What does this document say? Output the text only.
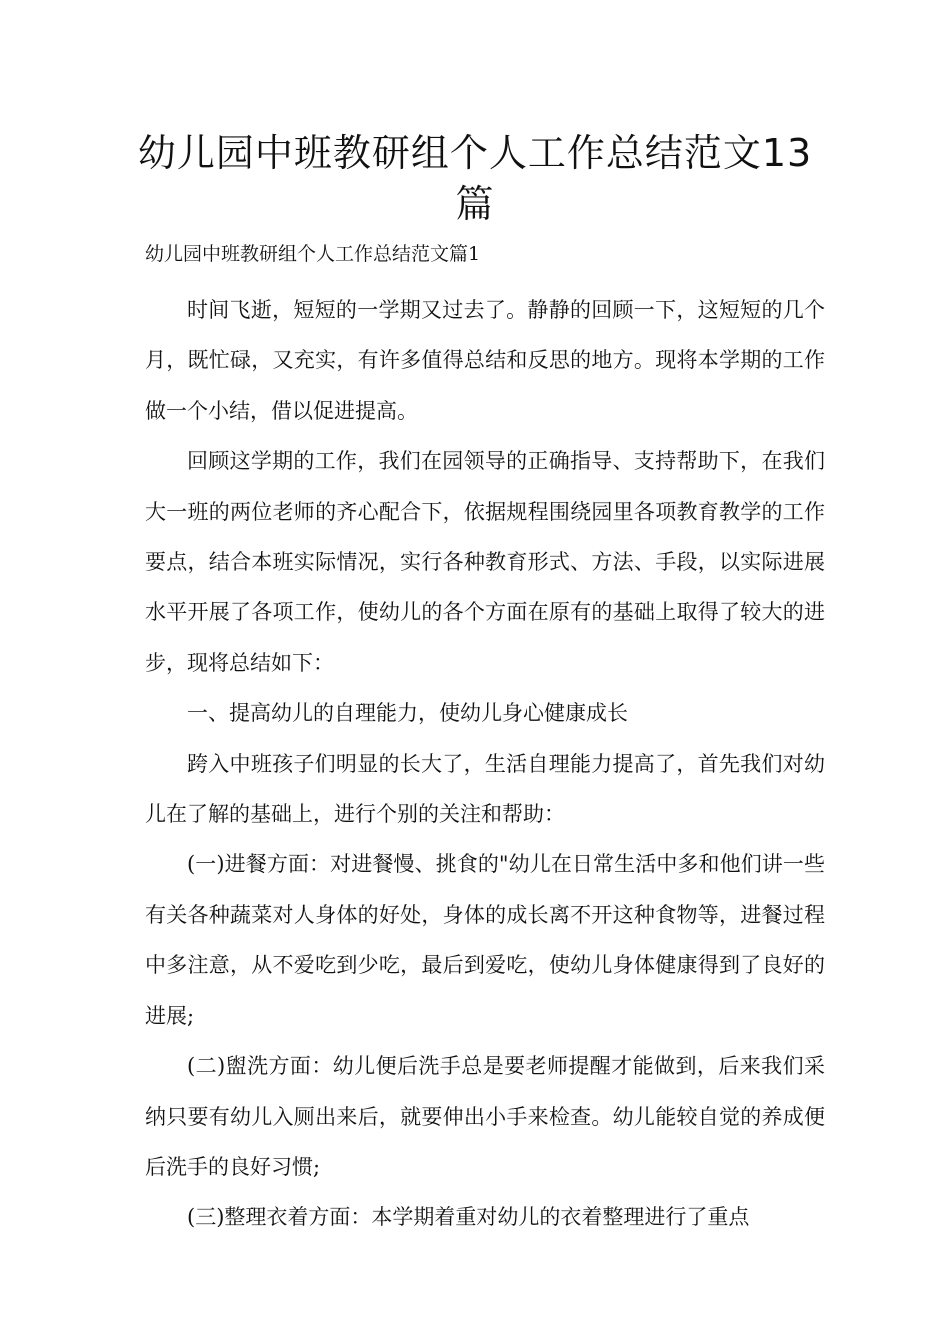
幼儿园中班教研组个人工作总结范文13篇

幼儿园中班教研组个人工作总结范文篇1

时间飞逝，短短的一学期又过去了。静静的回顾一下，这短短的几个月，既忙碌，又充实，有许多值得总结和反思的地方。现将本学期的工作做一个小结，借以促进提高。

回顾这学期的工作，我们在园领导的正确指导、支持帮助下，在我们大一班的两位老师的齐心配合下，依据规程围绕园里各项教育教学的工作要点，结合本班实际情况，实行各种教育形式、方法、手段，以实际进展水平开展了各项工作，使幼儿的各个方面在原有的基础上取得了较大的进步，现将总结如下：

一、提高幼儿的自理能力，使幼儿身心健康成长

跨入中班孩子们明显的长大了，生活自理能力提高了，首先我们对幼儿在了解的基础上，进行个别的关注和帮助：

(一)进餐方面：对进餐慢、挑食的"幼儿在日常生活中多和他们讲一些有关各种蔬菜对人身体的好处，身体的成长离不开这种食物等，进餐过程中多注意，从不爱吃到少吃，最后到爱吃，使幼儿身体健康得到了良好的进展;

(二)盥洗方面：幼儿便后洗手总是要老师提醒才能做到，后来我们采纳只要有幼儿入厕出来后，就要伸出小手来检查。幼儿能较自觉的养成便后洗手的良好习惯;

(三)整理衣着方面：本学期着重对幼儿的衣着整理进行了重点
